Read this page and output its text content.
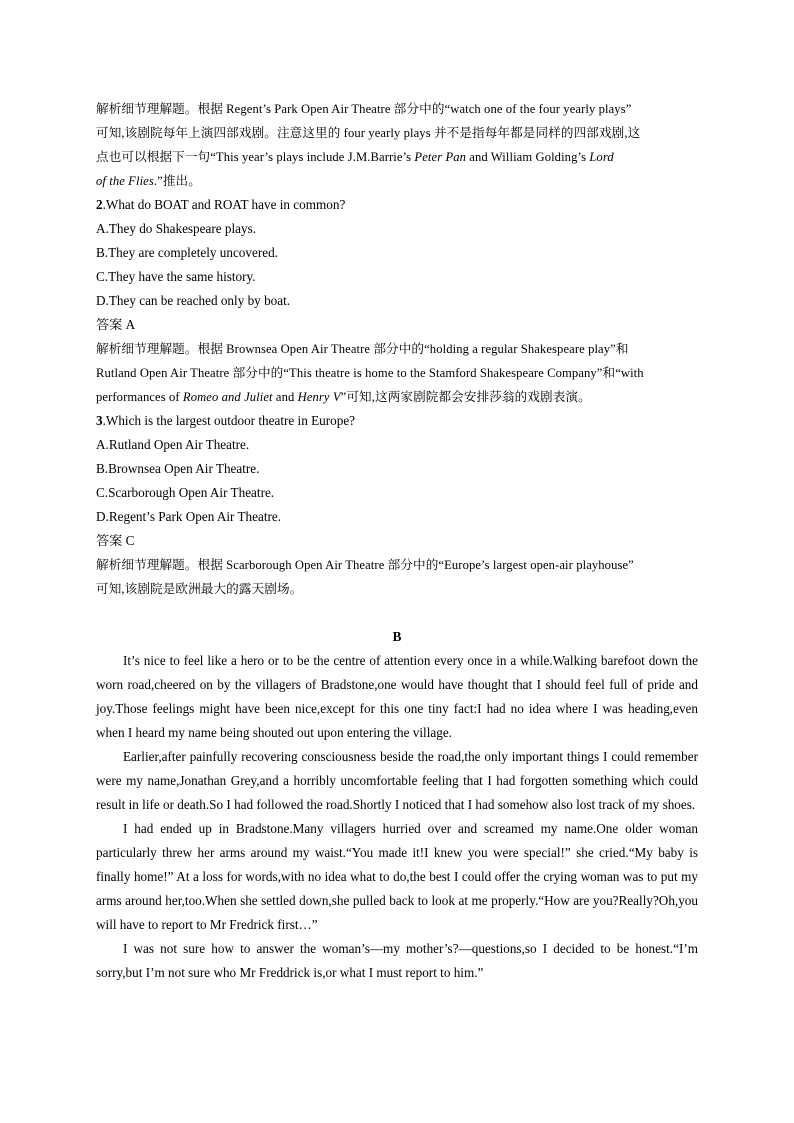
解析细节理解题。根据 Regent’s Park Open Air Theatre 部分中的“watch one of the four yearly plays”
可知,该剧院每年上演四部戏剧。注意这里的 four yearly plays 并不是指每年都是同样的四部戏剧,这
点也可以根据下一句“This year’s plays include J.M.Barrie’s Peter Pan and William Golding’s Lord
of the Flies.”推出。
2.What do BOAT and ROAT have in common?
A.They do Shakespeare plays.
B.They are completely uncovered.
C.They have the same history.
D.They can be reached only by boat.
答案 A
解析细节理解题。根据 Brownsea Open Air Theatre 部分中的“holding a regular Shakespeare play”和
Rutland Open Air Theatre 部分中的“This theatre is home to the Stamford Shakespeare Company”和“with
performances of Romeo and Juliet and Henry V”可知,这两家剧院都会安排莎翁的戏剧表演。
3.Which is the largest outdoor theatre in Europe?
A.Rutland Open Air Theatre.
B.Brownsea Open Air Theatre.
C.Scarborough Open Air Theatre.
D.Regent’s Park Open Air Theatre.
答案 C
解析细节理解题。根据 Scarborough Open Air Theatre 部分中的“Europe’s largest open-air playhouse”
可知,该剧院是欧洲最大的露天剧场。
B
It’s nice to feel like a hero or to be the centre of attention every once in a while.Walking barefoot down the worn road,cheered on by the villagers of Bradstone,one would have thought that I should feel full of pride and joy.Those feelings might have been nice,except for this one tiny fact:I had no idea where I was heading,even when I heard my name being shouted out upon entering the village.
Earlier,after painfully recovering consciousness beside the road,the only important things I could remember were my name,Jonathan Grey,and a horribly uncomfortable feeling that I had forgotten something which could result in life or death.So I had followed the road.Shortly I noticed that I had somehow also lost track of my shoes.
I had ended up in Bradstone.Many villagers hurried over and screamed my name.One older woman particularly threw her arms around my waist.“You made it!I knew you were special!” she cried.“My baby is finally home!” At a loss for words,with no idea what to do,the best I could offer the crying woman was to put my arms around her,too.When she settled down,she pulled back to look at me properly.“How are you?Really?Oh,you will have to report to Mr Fredrick first…”
I was not sure how to answer the woman’s—my mother’s?—questions,so I decided to be honest.“I’m sorry,but I’m not sure who Mr Freddrick is,or what I must report to him.”
